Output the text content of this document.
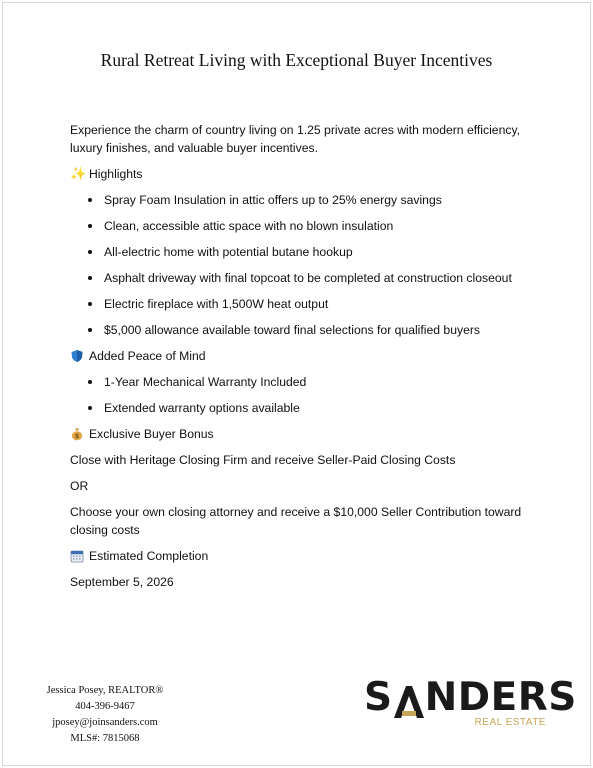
Rural Retreat Living with Exceptional Buyer Incentives

Experience the charm of country living on 1.25 private acres with modern efficiency, luxury finishes, and valuable buyer incentives.

✨ Highlights
Spray Foam Insulation in attic offers up to 25% energy savings
Clean, accessible attic space with no blown insulation
All-electric home with potential butane hookup
Asphalt driveway with final topcoat to be completed at construction closeout
Electric fireplace with 1,500W heat output
$5,000 allowance available toward final selections for qualified buyers
Added Peace of Mind
1-Year Mechanical Warranty Included
Extended warranty options available
$ Exclusive Buyer Bonus

Close with Heritage Closing Firm and receive Seller-Paid Closing Costs

OR

Choose your own closing attorney and receive a $10,000 Seller Contribution toward closing costs

Estimated Completion

September 5, 2026

Jessica Posey, REALTOR®
404-396-9467
jposey@joinsanders.com
MLS#: 7815068
S NDERS
REAL ESTATE
